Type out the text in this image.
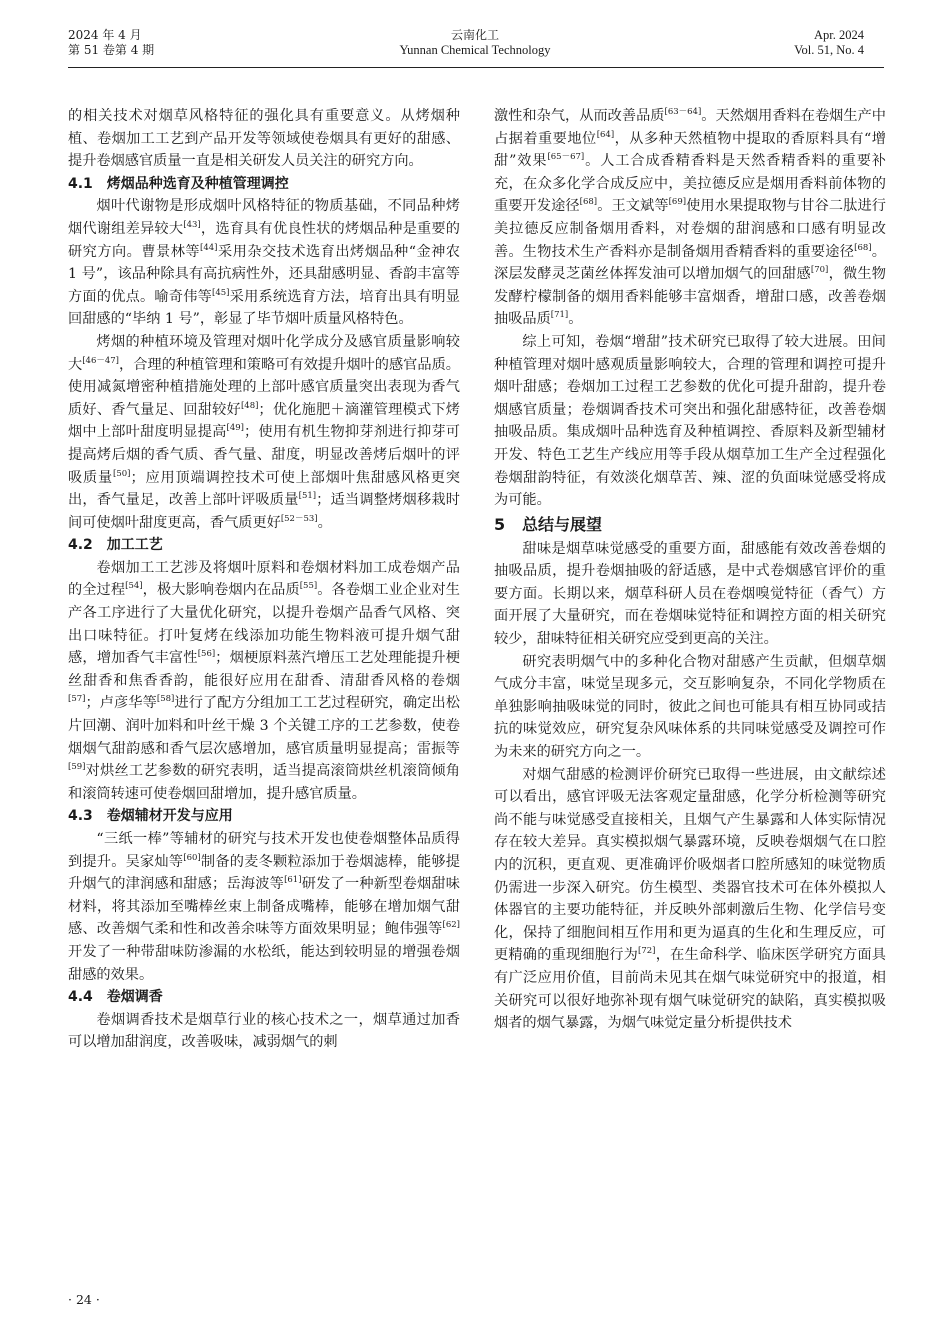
2024 年 4 月
第 51 卷第 4 期
云南化工
Yunnan Chemical Technology
Apr. 2024
Vol. 51, No. 4

的相关技术对烟草风格特征的强化具有重要意义。从烤烟种植、卷烟加工工艺到产品开发等领域使卷烟具有更好的甜感、提升卷烟感官质量一直是相关研发人员关注的研究方向。

4.1　烤烟品种选育及种植管理调控

烟叶代谢物是形成烟叶风格特征的物质基础，不同品种烤烟代谢组差异较大[43]，选育具有优良性状的烤烟品种是重要的研究方向。曹景林等[44]采用杂交技术选育出烤烟品种“金神农 1 号”，该品种除具有高抗病性外，还具甜感明显、香韵丰富等方面的优点。喻奇伟等[45]采用系统选育方法，培育出具有明显回甜感的“毕纳 1 号”，彰显了毕节烟叶质量风格特色。

烤烟的种植环境及管理对烟叶化学成分及感官质量影响较大[46－47]，合理的种植管理和策略可有效提升烟叶的感官品质。使用减氮增密种植措施处理的上部叶感官质量突出表现为香气质好、香气量足、回甜较好[48]；优化施肥＋滴灌管理模式下烤烟中上部叶甜度明显提高[49]；使用有机生物抑芽剂进行抑芽可提高烤后烟的香气质、香气量、甜度，明显改善烤后烟叶的评吸质量[50]；应用顶端调控技术可使上部烟叶焦甜感风格更突出，香气量足，改善上部叶评吸质量[51]；适当调整烤烟移栽时间可使烟叶甜度更高，香气质更好[52－53]。

4.2　加工工艺

卷烟加工工艺涉及将烟叶原料和卷烟材料加工成卷烟产品的全过程[54]，极大影响卷烟内在品质[55]。各卷烟工业企业对生产各工序进行了大量优化研究，以提升卷烟产品香气风格、突出口味特征。打叶复烤在线添加功能生物料液可提升烟气甜感，增加香气丰富性[56]；烟梗原料蒸汽增压工艺处理能提升梗丝甜香和焦香香韵，能很好应用在甜香、清甜香风格的卷烟[57]；卢彦华等[58]进行了配方分组加工工艺过程研究，确定出松片回潮、润叶加料和叶丝干燥 3 个关键工序的工艺参数，使卷烟烟气甜韵感和香气层次感增加，感官质量明显提高；雷振等[59]对烘丝工艺参数的研究表明，适当提高滚筒烘丝机滚筒倾角和滚筒转速可使卷烟回甜增加，提升感官质量。

4.3　卷烟辅材开发与应用

“三纸一棒”等辅材的研究与技术开发也使卷烟整体品质得到提升。吴家灿等[60]制备的麦冬颗粒添加于卷烟滤棒，能够提升烟气的津润感和甜感；岳海波等[61]研发了一种新型卷烟甜味材料，将其添加至嘴棒丝束上制备成嘴棒，能够在增加烟气甜感、改善烟气柔和性和改善余味等方面效果明显；鲍伟强等[62]开发了一种带甜味防渗漏的水松纸，能达到较明显的增强卷烟甜感的效果。

4.4　卷烟调香

卷烟调香技术是烟草行业的核心技术之一，烟草通过加香可以增加甜润度，改善吸味，减弱烟气的刺

激性和杂气，从而改善品质[63－64]。天然烟用香料在卷烟生产中占据着重要地位[64]，从多种天然植物中提取的香原料具有“增甜”效果[65－67]。人工合成香精香料是天然香精香料的重要补充，在众多化学合成反应中，美拉德反应是烟用香料前体物的重要开发途径[68]。王文斌等[69]使用水果提取物与甘谷二肽进行美拉德反应制备烟用香料，对卷烟的甜润感和口感有明显改善。生物技术生产香料亦是制备烟用香精香料的重要途径[68]。深层发酵灵芝菌丝体挥发油可以增加烟气的回甜感[70]，微生物发酵柠檬制备的烟用香料能够丰富烟香，增甜口感，改善卷烟抽吸品质[71]。

综上可知，卷烟“增甜”技术研究已取得了较大进展。田间种植管理对烟叶感观质量影响较大，合理的管理和调控可提升烟叶甜感；卷烟加工过程工艺参数的优化可提升甜韵，提升卷烟感官质量；卷烟调香技术可突出和强化甜感特征，改善卷烟抽吸品质。集成烟叶品种选育及种植调控、香原料及新型辅材开发、特色工艺生产线应用等手段从烟草加工生产全过程强化卷烟甜韵特征，有效淡化烟草苦、辣、涩的负面味觉感受将成为可能。

5 总结与展望

甜味是烟草味觉感受的重要方面，甜感能有效改善卷烟的抽吸品质，提升卷烟抽吸的舒适感，是中式卷烟感官评价的重要方面。长期以来，烟草科研人员在卷烟嗅觉特征（香气）方面开展了大量研究，而在卷烟味觉特征和调控方面的相关研究较少，甜味特征相关研究应受到更高的关注。

研究表明烟气中的多种化合物对甜感产生贡献，但烟草烟气成分丰富，味觉呈现多元，交互影响复杂，不同化学物质在单独影响抽吸味觉的同时，彼此之间也可能具有相互协同或拮抗的味觉效应，研究复杂风味体系的共同味觉感受及调控可作为未来的研究方向之一。

对烟气甜感的检测评价研究已取得一些进展，由文献综述可以看出，感官评吸无法客观定量甜感，化学分析检测等研究尚不能与味觉感受直接相关，且烟气产生暴露和人体实际情况存在较大差异。真实模拟烟气暴露环境，反映卷烟烟气在口腔内的沉积，更直观、更准确评价吸烟者口腔所感知的味觉物质仍需进一步深入研究。仿生模型、类器官技术可在体外模拟人体器官的主要功能特征，并反映外部刺激后生物、化学信号变化，保持了细胞间相互作用和更为逼真的生化和生理反应，可更精确的重现细胞行为[72]，在生命科学、临床医学研究方面具有广泛应用价值，目前尚未见其在烟气味觉研究中的报道，相关研究可以很好地弥补现有烟气味觉研究的缺陷，真实模拟吸烟者的烟气暴露，为烟气味觉定量分析提供技术

· 24 ·
